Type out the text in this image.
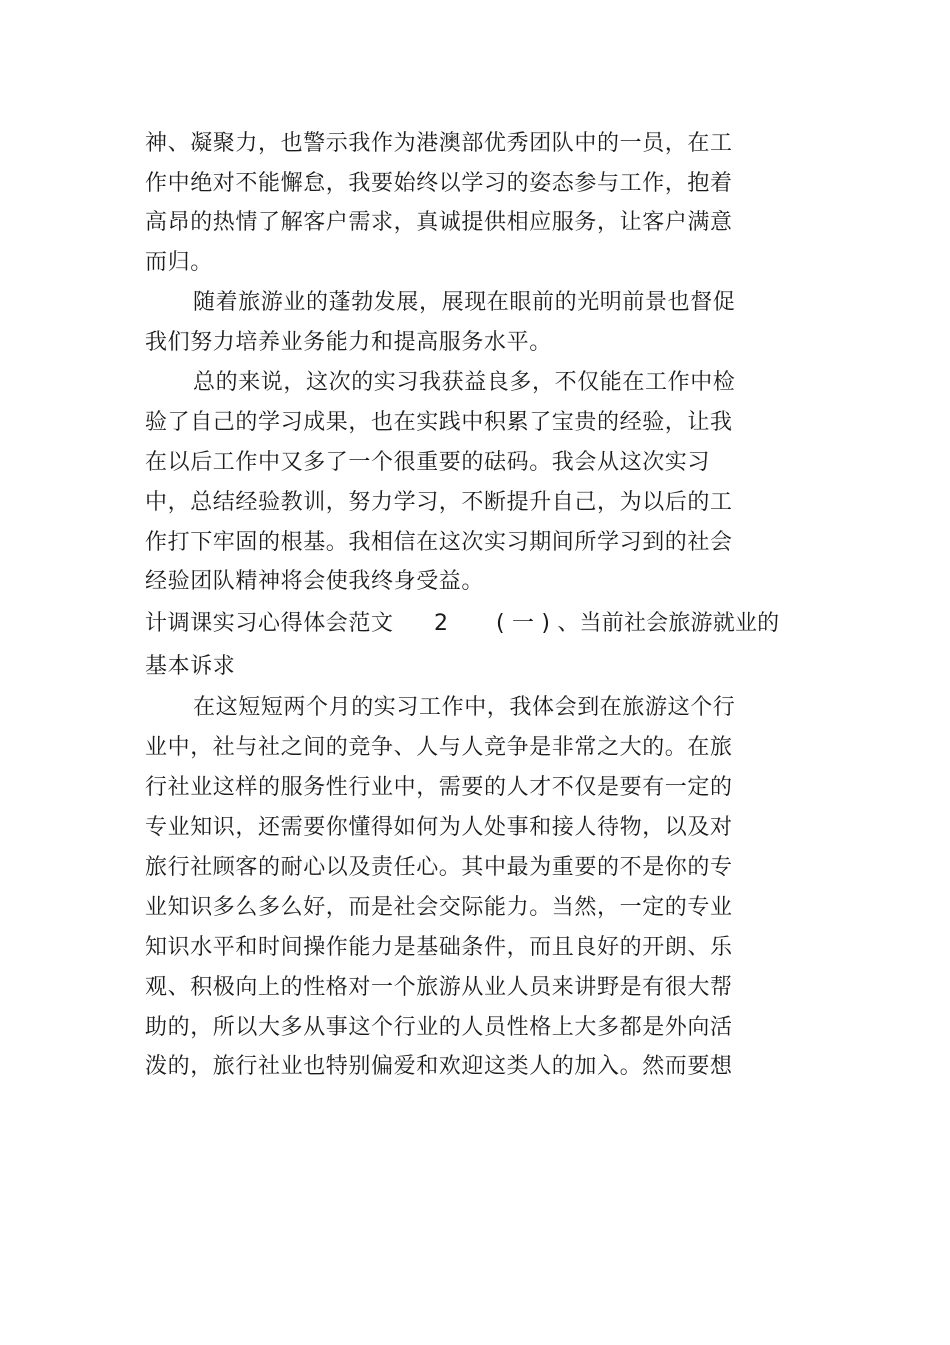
神、凝聚力，也警示我作为港澳部优秀团队中的一员，在工

作中绝对不能懈怠，我要始终以学习的姿态参与工作，抱着

高昂的热情了解客户需求，真诚提供相应服务，让客户满意

而归。

随着旅游业的蓬勃发展，展现在眼前的光明前景也督促

我们努力培养业务能力和提高服务水平。

总的来说，这次的实习我获益良多，不仅能在工作中检

验了自己的学习成果，也在实践中积累了宝贵的经验，让我

在以后工作中又多了一个很重要的砝码。我会从这次实习

中，总结经验教训，努力学习，不断提升自己，为以后的工

作打下牢固的根基。我相信在这次实习期间所学习到的社会

经验团队精神将会使我终身受益。

计调课实习心得体会范文 2 ( 一 ) 、当前社会旅游就业的

基本诉求

在这短短两个月的实习工作中，我体会到在旅游这个行

业中，社与社之间的竞争、人与人竞争是非常之大的。在旅

行社业这样的服务性行业中，需要的人才不仅是要有一定的

专业知识，还需要你懂得如何为人处事和接人待物，以及对

旅行社顾客的耐心以及责任心。其中最为重要的不是你的专

业知识多么多么好，而是社会交际能力。当然，一定的专业

知识水平和时间操作能力是基础条件，而且良好的开朗、乐

观、积极向上的性格对一个旅游从业人员来讲野是有很大帮

助的，所以大多从事这个行业的人员性格上大多都是外向活

泼的，旅行社业也特别偏爱和欢迎这类人的加入。然而要想
